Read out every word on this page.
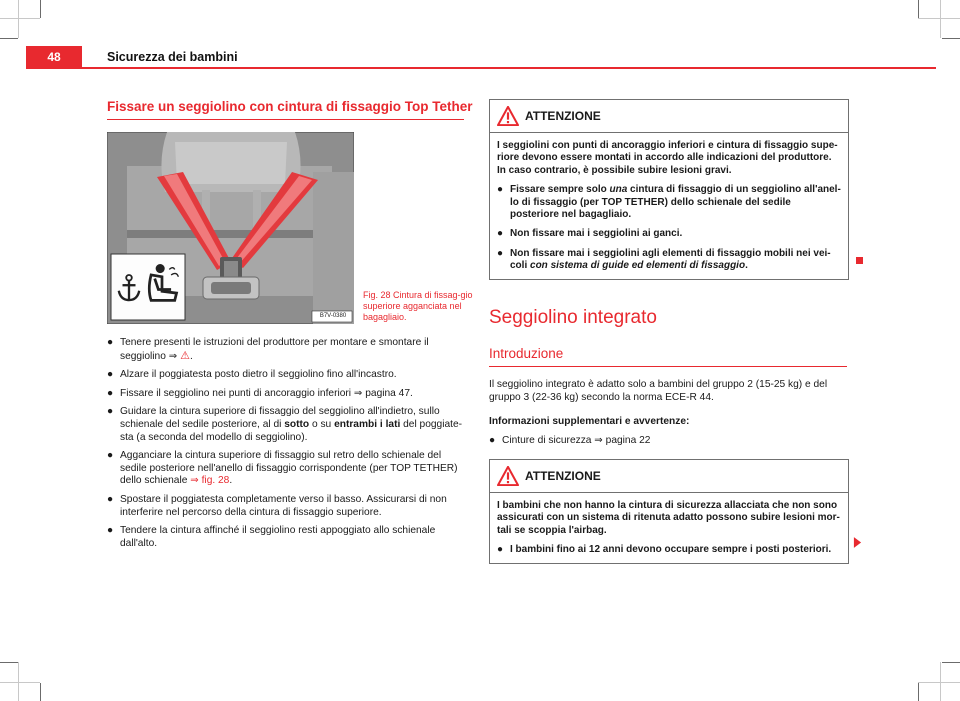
48	Sicurezza dei bambini
Fissare un seggiolino con cintura di fissaggio Top Tether
B7V-0380
Fig. 28 Cintura di fissag-gio superiore agganciata nel bagagliaio.
● Tenere presenti le istruzioni del produttore per montare e smontare il seggiolino ⇒ ⚠.
● Alzare il poggiatesta posto dietro il seggiolino fino all'incastro.
● Fissare il seggiolino nei punti di ancoraggio inferiori ⇒ pagina 47.
● Guidare la cintura superiore di fissaggio del seggiolino all'indietro, sullo schienale del sedile posteriore, al di sotto o su entrambi i lati del poggiate-sta (a seconda del modello di seggiolino).
● Agganciare la cintura superiore di fissaggio sul retro dello schienale del sedile posteriore nell'anello di fissaggio corrispondente (per TOP TETHER) dello schienale ⇒ fig. 28.
● Spostare il poggiatesta completamente verso il basso. Assicurarsi di non interferire nel percorso della cintura di fissaggio superiore.
● Tendere la cintura affinché il seggiolino resti appoggiato allo schienale dall'alto.
ATTENZIONE

I seggiolini con punti di ancoraggio inferiori e cintura di fissaggio supe-riore devono essere montati in accordo alle indicazioni del produttore. In caso contrario, è possibile subire lesioni gravi.

● Fissare sempre solo una cintura di fissaggio di un seggiolino all'anel-lo di fissaggio (per TOP TETHER) dello schienale del sedile posteriore nel bagagliaio.

● Non fissare mai i seggiolini ai ganci.

● Non fissare mai i seggiolini agli elementi di fissaggio mobili nei vei-coli con sistema di guide ed elementi di fissaggio.

Seggiolino integrato
Introduzione

Il seggiolino integrato è adatto solo a bambini del gruppo 2 (15-25 kg) e del gruppo 3 (22-36 kg) secondo la norma ECE-R 44.

Informazioni supplementari e avvertenze:

● Cinture di sicurezza ⇒ pagina 22

ATTENZIONE

I bambini che non hanno la cintura di sicurezza allacciata che non sono assicurati con un sistema di ritenuta adatto possono subire lesioni mor-tali se scoppia l'airbag.

● I bambini fino ai 12 anni devono occupare sempre i posti posteriori.
